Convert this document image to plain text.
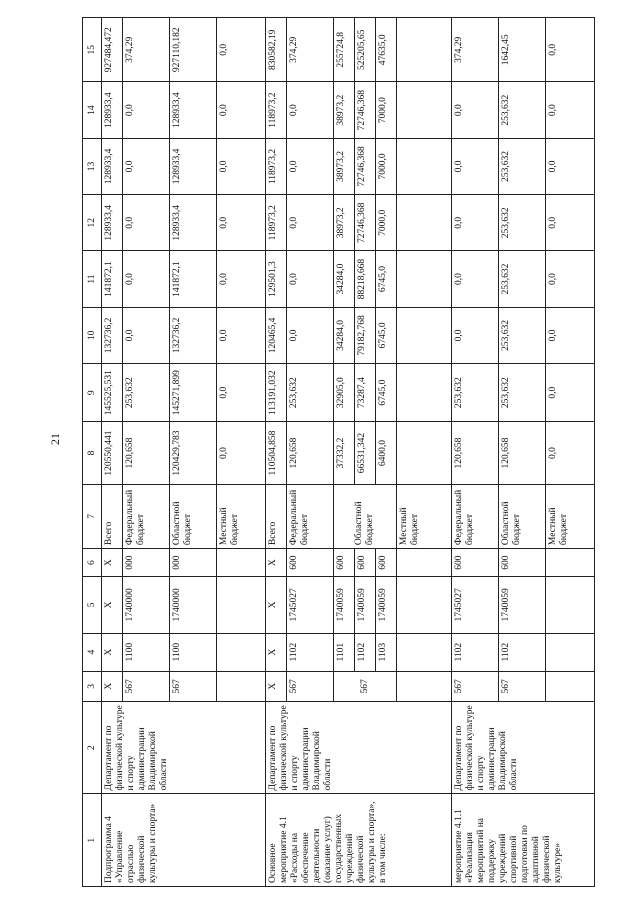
21
1	2	3	4	5	6	7	8	9	10	11	12	13	14	15
Подпрограмма 4 «Управление отраслью физической культуры и спорта»	Департамент по физической культуре и спорту администрации Владимирской области	X	X	X	X	Всего	120550,441	145525,531	132736,2	141872,1	128933,4	128933,4	128933,4	927484,472
		567	1100	1740000	000	Федеральный бюджет	120,658	253,632	0,0	0,0	0,0	0,0	0,0	374,29
		567	1100	1740000	000	Областной бюджет	120429,783	145271,899	132736,2	141872,1	128933,4	128933,4	128933,4	927110,182
						Местный бюджет	0,0	0,0	0,0	0,0	0,0	0,0	0,0	0,0
Основное мероприятие 4.1 «Расходы на обеспечение деятельности (оказание услуг) государственных учреждений физической культуры и спорта», в том числе:	Департамент по физической культуре и спорту администрации Владимирской области	X	X	X	X	Всего	110504,858	113191,032	120465,4	129501,3	118973,2	118973,2	118973,2	830582,19
		567	1102	1745027	600	Федеральный бюджет	120,658	253,632	0,0	0,0	0,0	0,0	0,0	374,29
		567	1101	1740059	600	Областной бюджет	37332,2	32905,0	34284,0	34284,0	38973,2	38973,2	38973,2	255724,8
			1102	1740059	600		66531,342	73287,4	79182,768	88218,668	72746,368	72746,368	72746,368	525205,65
			1103	1740059	600		6400,0	6745,0	6745,0	6745,0	7000,0	7000,0	7000,0	47635,0
						Местный бюджет								
мероприятие 4.1.1 «Реализация мероприятий на поддержку учреждений спортивной подготовки по адаптивной физической культуре»	Департамент по физической культуре и спорту администрации Владимирской области	567	1102	1745027	600	Федеральный бюджет	120,658	253,632	0,0	0,0	0,0	0,0	0,0	374,29
		567	1102	1740059	600	Областной бюджет	120,658	253,632	253,632	253,632	253,632	253,632	253,632	1642,45
						Местный бюджет	0,0	0,0	0,0	0,0	0,0	0,0	0,0	0,0
